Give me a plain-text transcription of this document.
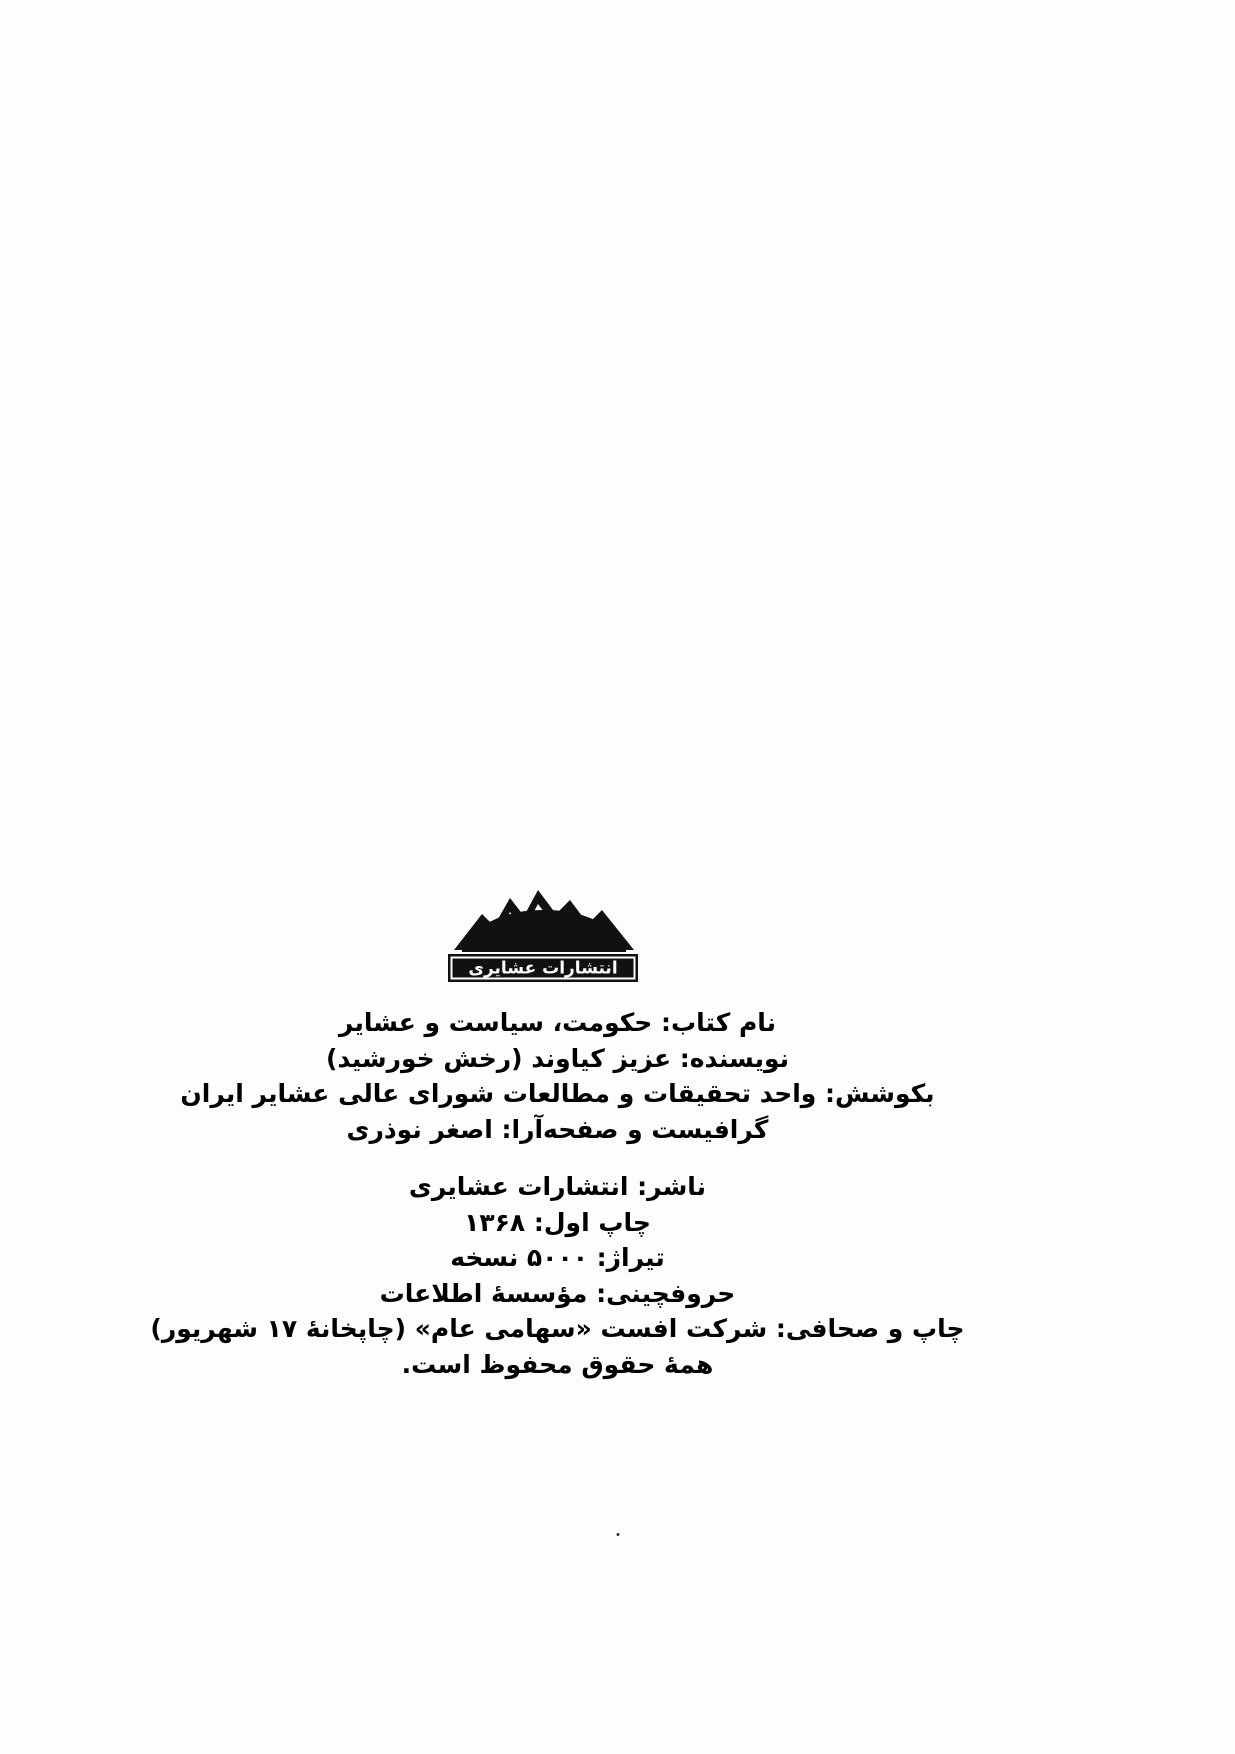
انتشارات عشایری
نام کتاب: حکومت، سیاست و عشایر
نویسنده: عزیز کیاوند (رخش خورشید)
بکوشش: واحد تحقیقات و مطالعات شورای عالی عشایر ایران
گرافیست و صفحه‌آرا: اصغر نوذری
ناشر: انتشارات عشایری
چاپ اول: ۱۳۶۸
تیراژ: ۵۰۰۰ نسخه
حروفچینی: مؤسسهٔ اطلاعات
چاپ و صحافی: شرکت افست «سهامی عام» (چاپخانهٔ ۱۷ شهریور)
همهٔ حقوق محفوظ است.
